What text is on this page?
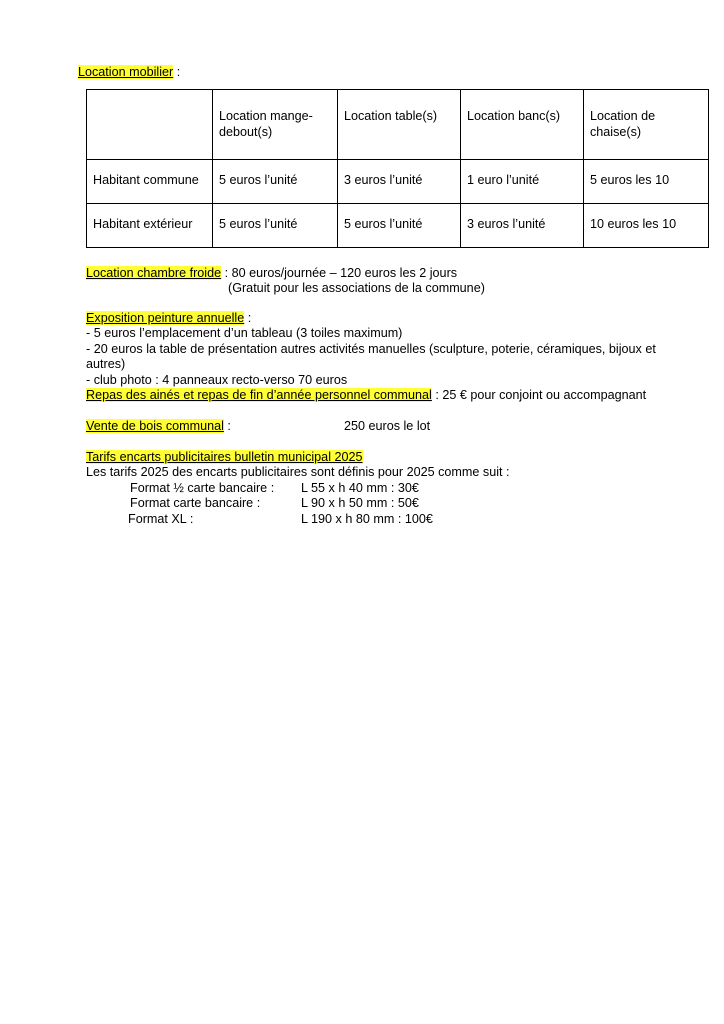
Location mobilier :
	Location mange-debout(s)	Location table(s)	Location banc(s)	Location de chaise(s)
Habitant commune	5 euros l’unité	3 euros l’unité	1 euro l’unité	5 euros les 10
Habitant extérieur	5 euros l’unité	5 euros l’unité	3 euros l’unité	10 euros les 10
Location chambre froide : 80 euros/journée – 120 euros les 2 jours
(Gratuit pour les associations de la commune)
Exposition peinture annuelle :
- 5 euros l’emplacement d’un tableau (3 toiles maximum)
- 20 euros la table de présentation autres activités manuelles (sculpture, poterie, céramiques, bijoux et
autres)
- club photo : 4 panneaux recto-verso 70 euros
Repas des ainés et repas de fin d’année personnel communal : 25 € pour conjoint ou accompagnant
Vente de bois communal :	250 euros le lot
Tarifs encarts publicitaires bulletin municipal 2025
Les tarifs 2025 des encarts publicitaires sont définis pour 2025 comme suit :
Format ½ carte bancaire : L 55 x h 40 mm : 30€
Format carte bancaire :	L 90 x h 50 mm : 50€
Format XL :	L 190 x h 80 mm : 100€
